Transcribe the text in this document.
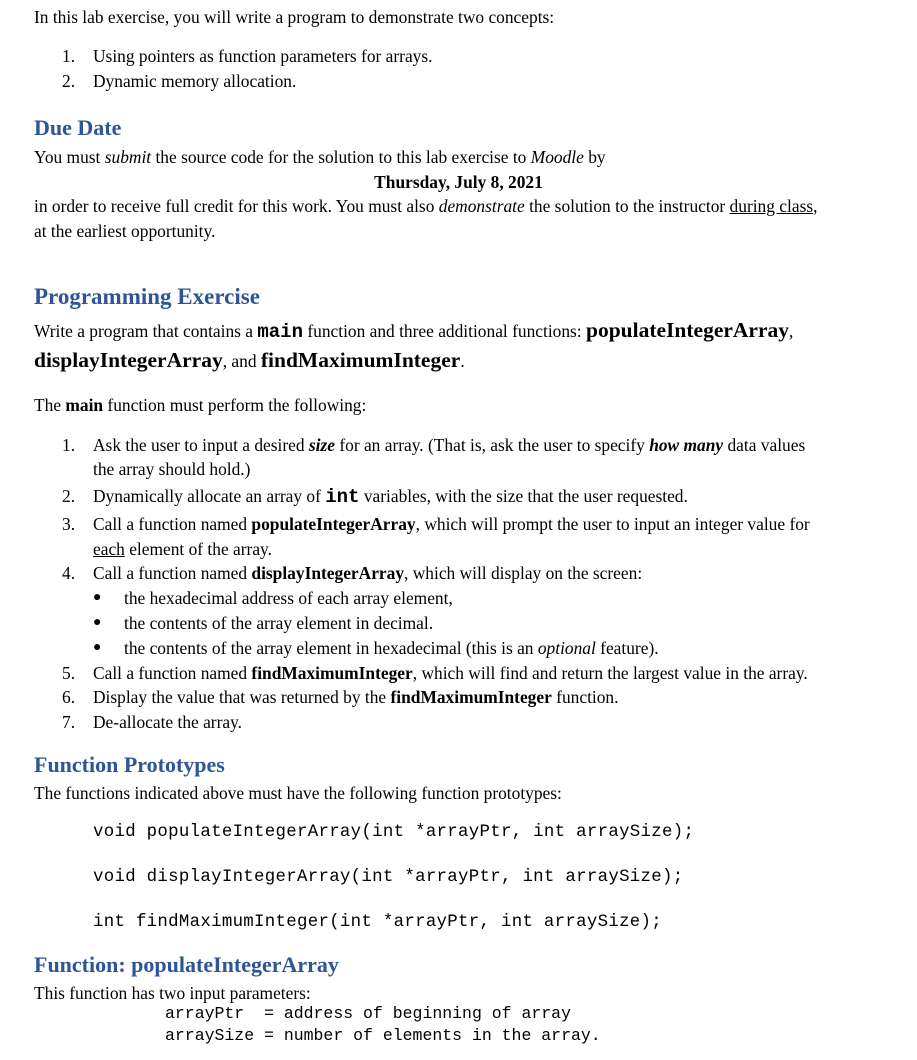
In this lab exercise, you will write a program to demonstrate two concepts:
1. Using pointers as function parameters for arrays.
2. Dynamic memory allocation.
Due Date
You must submit the source code for the solution to this lab exercise to Moodle by
Thursday, July 8, 2021
in order to receive full credit for this work. You must also demonstrate the solution to the instructor during class,
at the earliest opportunity.
Programming Exercise
Write a program that contains a main function and three additional functions: populateIntegerArray,
displayIntegerArray, and findMaximumInteger.
The main function must perform the following:
1. Ask the user to input a desired size for an array. (That is, ask the user to specify how many data values
the array should hold.)
2. Dynamically allocate an array of int variables, with the size that the user requested.
3. Call a function named populateIntegerArray, which will prompt the user to input an integer value for
each element of the array.
4. Call a function named displayIntegerArray, which will display on the screen:
● the hexadecimal address of each array element,
● the contents of the array element in decimal.
● the contents of the array element in hexadecimal (this is an optional feature).
5. Call a function named findMaximumInteger, which will find and return the largest value in the array.
6. Display the value that was returned by the findMaximumInteger function.
7. De-allocate the array.
Function Prototypes
The functions indicated above must have the following function prototypes:
void populateIntegerArray(int *arrayPtr, int arraySize);
void displayIntegerArray(int *arrayPtr, int arraySize);
int findMaximumInteger(int *arrayPtr, int arraySize);
Function: populateIntegerArray
This function has two input parameters:
arrayPtr  = address of beginning of array
arraySize = number of elements in the array.
